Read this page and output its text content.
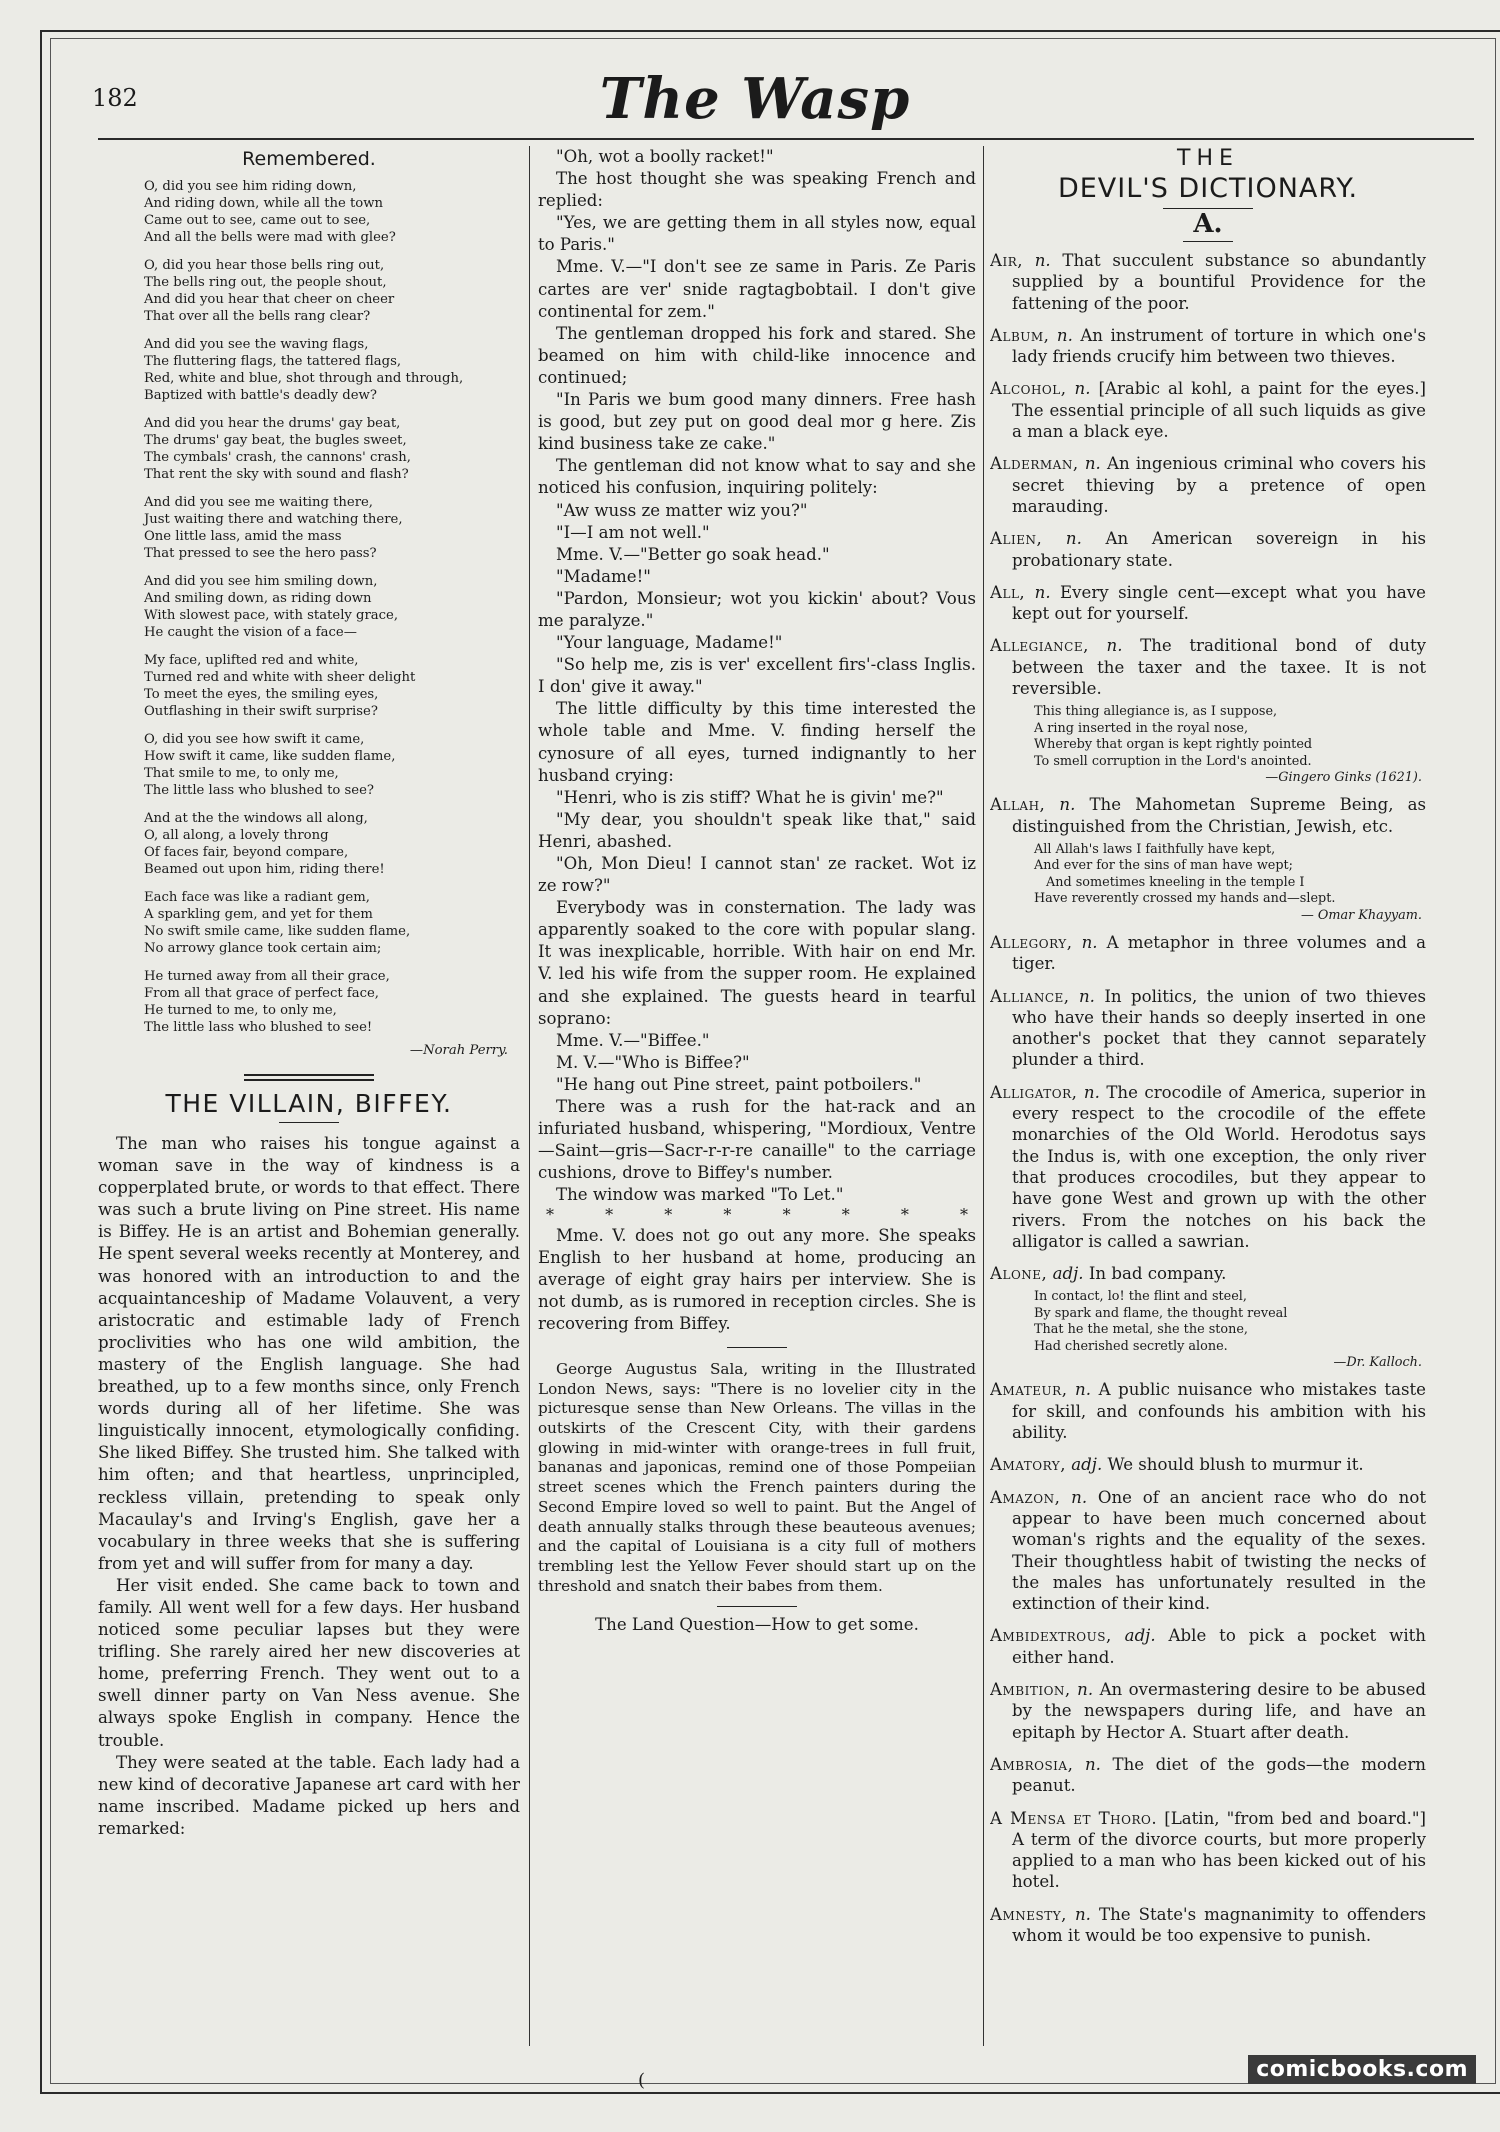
182	The Wasp
Remembered.
O, did you see him riding down,
And riding down, while all the town
Came out to see, came out to see,
And all the bells were mad with glee?
O, did you hear those bells ring out,
The bells ring out, the people shout,
And did you hear that cheer on cheer
That over all the bells rang clear?
And did you see the waving flags,
The fluttering flags, the tattered flags,
Red, white and blue, shot through and through,
Baptized with battle's deadly dew?
And did you hear the drums' gay beat,
The drums' gay beat, the bugles sweet,
The cymbals' crash, the cannons' crash,
That rent the sky with sound and flash?
And did you see me waiting there,
Just waiting there and watching there,
One little lass, amid the mass
That pressed to see the hero pass?
And did you see him smiling down,
And smiling down, as riding down
With slowest pace, with stately grace,
He caught the vision of a face—
My face, uplifted red and white,
Turned red and white with sheer delight
To meet the eyes, the smiling eyes,
Outflashing in their swift surprise?
O, did you see how swift it came,
How swift it came, like sudden flame,
That smile to me, to only me,
The little lass who blushed to see?
And at the the windows all along,
O, all along, a lovely throng
Of faces fair, beyond compare,
Beamed out upon him, riding there!
Each face was like a radiant gem,
A sparkling gem, and yet for them
No swift smile came, like sudden flame,
No arrowy glance took certain aim;
He turned away from all their grace,
From all that grace of perfect face,
He turned to me, to only me,
The little lass who blushed to see!
—Norah Perry.
THE VILLAIN, BIFFEY.

The man who raises his tongue against a woman save in the way of kindness is a copperplated brute, or words to that effect. There was such a brute living on Pine street. His name is Biffey. He is an artist and Bohemian generally. He spent several weeks recently at Monterey, and was honored with an introduction to and the acquaintanceship of Madame Volauvent, a very aristocratic and estimable lady of French proclivities who has one wild ambition, the mastery of the English language. She had breathed, up to a few months since, only French words during all of her lifetime. She was linguistically innocent, etymologically confiding. She liked Biffey. She trusted him. She talked with him often; and that heartless, unprincipled, reckless villain, pretending to speak only Macaulay's and Irving's English, gave her a vocabulary in three weeks that she is suffering from yet and will suffer from for many a day.

Her visit ended. She came back to town and family. All went well for a few days. Her husband noticed some peculiar lapses but they were trifling. She rarely aired her new discoveries at home, preferring French. They went out to a swell dinner party on Van Ness avenue. She always spoke English in company. Hence the trouble.

They were seated at the table. Each lady had a new kind of decorative Japanese art card with her name inscribed. Madame picked up hers and remarked:

"Oh, wot a boolly racket!"

The host thought she was speaking French and replied:

"Yes, we are getting them in all styles now, equal to Paris."

Mme. V.—"I don't see ze same in Paris. Ze Paris cartes are ver' snide ragtagbobtail. I don't give continental for zem."

The gentleman dropped his fork and stared. She beamed on him with child-like innocence and continued;

"In Paris we bum good many dinners. Free hash is good, but zey put on good deal mor g here. Zis kind business take ze cake."

The gentleman did not know what to say and she noticed his confusion, inquiring politely:

"Aw wuss ze matter wiz you?"

"I—I am not well."

Mme. V.—"Better go soak head."

"Madame!"

"Pardon, Monsieur; wot you kickin' about? Vous me paralyze."

"Your language, Madame!"

"So help me, zis is ver' excellent firs'-class Inglis. I don' give it away."

The little difficulty by this time interested the whole table and Mme. V. finding herself the cynosure of all eyes, turned indignantly to her husband crying:

"Henri, who is zis stiff? What he is givin' me?"

"My dear, you shouldn't speak like that," said Henri, abashed.

"Oh, Mon Dieu! I cannot stan' ze racket. Wot iz ze row?"

Everybody was in consternation. The lady was apparently soaked to the core with popular slang. It was inexplicable, horrible. With hair on end Mr. V. led his wife from the supper room. He explained and she explained. The guests heard in tearful soprano:

Mme. V.—"Biffee."

M. V.—"Who is Biffee?"

"He hang out Pine street, paint potboilers."

There was a rush for the hat-rack and an infuriated husband, whispering, "Mordioux, Ventre—Saint—gris—Sacr-r-r-re canaille" to the carriage cushions, drove to Biffey's number.

The window was marked "To Let."

*	*	*	*	*	*	*	*

Mme. V. does not go out any more. She speaks English to her husband at home, producing an average of eight gray hairs per interview. She is not dumb, as is rumored in reception circles. She is recovering from Biffey.

George Augustus Sala, writing in the Illustrated London News, says: "There is no lovelier city in the picturesque sense than New Orleans. The villas in the outskirts of the Crescent City, with their gardens glowing in mid-winter with orange-trees in full fruit, bananas and japonicas, remind one of those Pompeiian street scenes which the French painters during the Second Empire loved so well to paint. But the Angel of death annually stalks through these beauteous avenues; and the capital of Louisiana is a city full of mothers trembling lest the Yellow Fever should start up on the threshold and snatch their babes from them.

The Land Question—How to get some.
THE
DEVIL'S DICTIONARY.
A.

Air, n. That succulent substance so abundantly supplied by a bountiful Providence for the fattening of the poor.

Album, n. An instrument of torture in which one's lady friends crucify him between two thieves.

Alcohol, n. [Arabic al kohl, a paint for the eyes.] The essential principle of all such liquids as give a man a black eye.

Alderman, n. An ingenious criminal who covers his secret thieving by a pretence of open marauding.

Alien, n. An American sovereign in his probationary state.

All, n. Every single cent—except what you have kept out for yourself.

Allegiance, n. The traditional bond of duty between the taxer and the taxee. It is not reversible.

This thing allegiance is, as I suppose,
A ring inserted in the royal nose,
Whereby that organ is kept rightly pointed
To smell corruption in the Lord's anointed.
—Gingero Ginks (1621).

Allah, n. The Mahometan Supreme Being, as distinguished from the Christian, Jewish, etc.

All Allah's laws I faithfully have kept,
And ever for the sins of man have wept;
And sometimes kneeling in the temple I
Have reverently crossed my hands and—slept.
— Omar Khayyam.

Allegory, n. A metaphor in three volumes and a tiger.

Alliance, n. In politics, the union of two thieves who have their hands so deeply inserted in one another's pocket that they cannot separately plunder a third.

Alligator, n. The crocodile of America, superior in every respect to the crocodile of the effete monarchies of the Old World. Herodotus says the Indus is, with one exception, the only river that produces crocodiles, but they appear to have gone West and grown up with the other rivers. From the notches on his back the alligator is called a sawrian.

Alone, adj. In bad company.

In contact, lo! the flint and steel,
By spark and flame, the thought reveal
That he the metal, she the stone,
Had cherished secretly alone.
—Dr. Kalloch.

Amateur, n. A public nuisance who mistakes taste for skill, and confounds his ambition with his ability.

Amatory, adj. We should blush to murmur it.

Amazon, n. One of an ancient race who do not appear to have been much concerned about woman's rights and the equality of the sexes. Their thoughtless habit of twisting the necks of the males has unfortunately resulted in the extinction of their kind.

Ambidextrous, adj. Able to pick a pocket with either hand.

Ambition, n. An overmastering desire to be abused by the newspapers during life, and have an epitaph by Hector A. Stuart after death.

Ambrosia, n. The diet of the gods—the modern peanut.

A Mensa et Thoro. [Latin, "from bed and board."] A term of the divorce courts, but more properly applied to a man who has been kicked out of his hotel.

Amnesty, n. The State's magnanimity to offenders whom it would be too expensive to punish.

(	comicbooks.com
